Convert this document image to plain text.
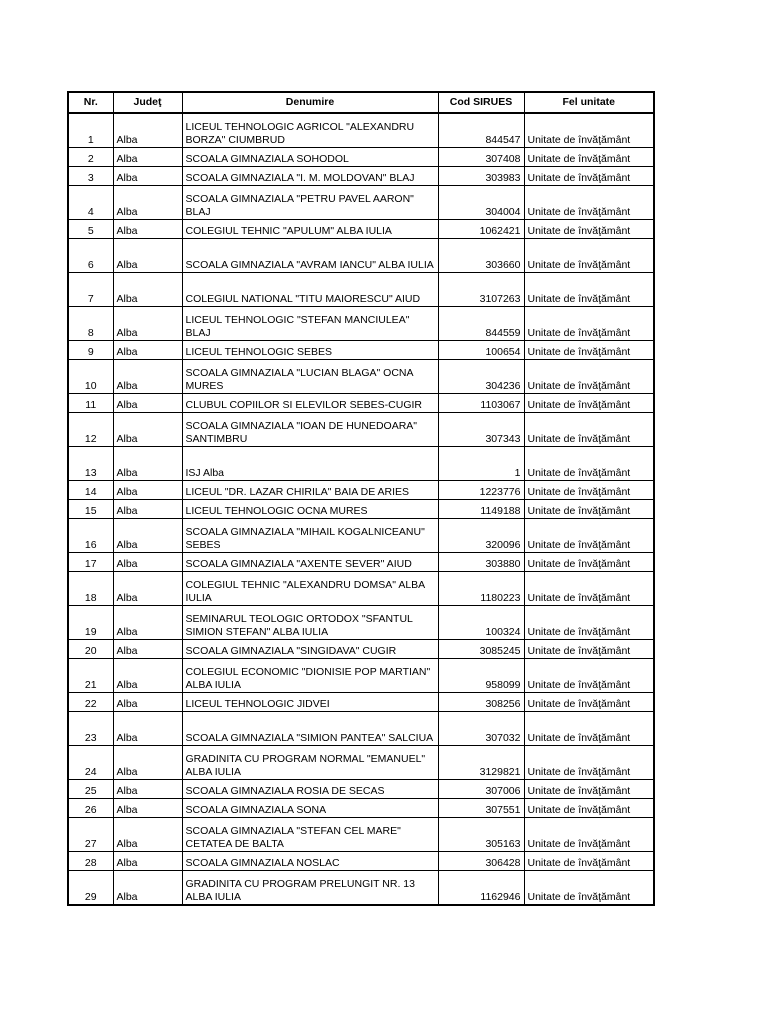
Nr.	Judeţ	Denumire	Cod SIRUES	Fel unitate
1	Alba	LICEUL TEHNOLOGIC AGRICOL "ALEXANDRU BORZA" CIUMBRUD	844547	Unitate de învăţământ
2	Alba	SCOALA GIMNAZIALA SOHODOL	307408	Unitate de învăţământ
3	Alba	SCOALA GIMNAZIALA "I. M. MOLDOVAN" BLAJ	303983	Unitate de învăţământ
4	Alba	SCOALA GIMNAZIALA "PETRU PAVEL AARON" BLAJ	304004	Unitate de învăţământ
5	Alba	COLEGIUL TEHNIC "APULUM" ALBA IULIA	1062421	Unitate de învăţământ
6	Alba	SCOALA GIMNAZIALA "AVRAM IANCU" ALBA IULIA	303660	Unitate de învăţământ
7	Alba	COLEGIUL NATIONAL "TITU MAIORESCU" AIUD	3107263	Unitate de învăţământ
8	Alba	LICEUL TEHNOLOGIC "STEFAN MANCIULEA" BLAJ	844559	Unitate de învăţământ
9	Alba	LICEUL TEHNOLOGIC SEBES	100654	Unitate de învăţământ
10	Alba	SCOALA GIMNAZIALA "LUCIAN BLAGA" OCNA MURES	304236	Unitate de învăţământ
11	Alba	CLUBUL COPIILOR SI ELEVILOR SEBES-CUGIR	1103067	Unitate de învăţământ
12	Alba	SCOALA GIMNAZIALA "IOAN DE HUNEDOARA" SANTIMBRU	307343	Unitate de învăţământ
13	Alba	ISJ Alba	1	Unitate de învăţământ
14	Alba	LICEUL "DR. LAZAR CHIRILA" BAIA DE ARIES	1223776	Unitate de învăţământ
15	Alba	LICEUL TEHNOLOGIC OCNA MURES	1149188	Unitate de învăţământ
16	Alba	SCOALA GIMNAZIALA "MIHAIL KOGALNICEANU" SEBES	320096	Unitate de învăţământ
17	Alba	SCOALA GIMNAZIALA "AXENTE SEVER" AIUD	303880	Unitate de învăţământ
18	Alba	COLEGIUL TEHNIC "ALEXANDRU DOMSA" ALBA IULIA	1180223	Unitate de învăţământ
19	Alba	SEMINARUL TEOLOGIC ORTODOX "SFANTUL SIMION STEFAN" ALBA IULIA	100324	Unitate de învăţământ
20	Alba	SCOALA GIMNAZIALA "SINGIDAVA" CUGIR	3085245	Unitate de învăţământ
21	Alba	COLEGIUL ECONOMIC "DIONISIE POP MARTIAN" ALBA IULIA	958099	Unitate de învăţământ
22	Alba	LICEUL TEHNOLOGIC JIDVEI	308256	Unitate de învăţământ
23	Alba	SCOALA GIMNAZIALA "SIMION PANTEA" SALCIUA	307032	Unitate de învăţământ
24	Alba	GRADINITA CU PROGRAM NORMAL "EMANUEL" ALBA IULIA	3129821	Unitate de învăţământ
25	Alba	SCOALA GIMNAZIALA ROSIA DE SECAS	307006	Unitate de învăţământ
26	Alba	SCOALA GIMNAZIALA SONA	307551	Unitate de învăţământ
27	Alba	SCOALA GIMNAZIALA "STEFAN CEL MARE" CETATEA DE BALTA	305163	Unitate de învăţământ
28	Alba	SCOALA GIMNAZIALA NOSLAC	306428	Unitate de învăţământ
29	Alba	GRADINITA CU PROGRAM PRELUNGIT NR. 13 ALBA IULIA	1162946	Unitate de învăţământ
